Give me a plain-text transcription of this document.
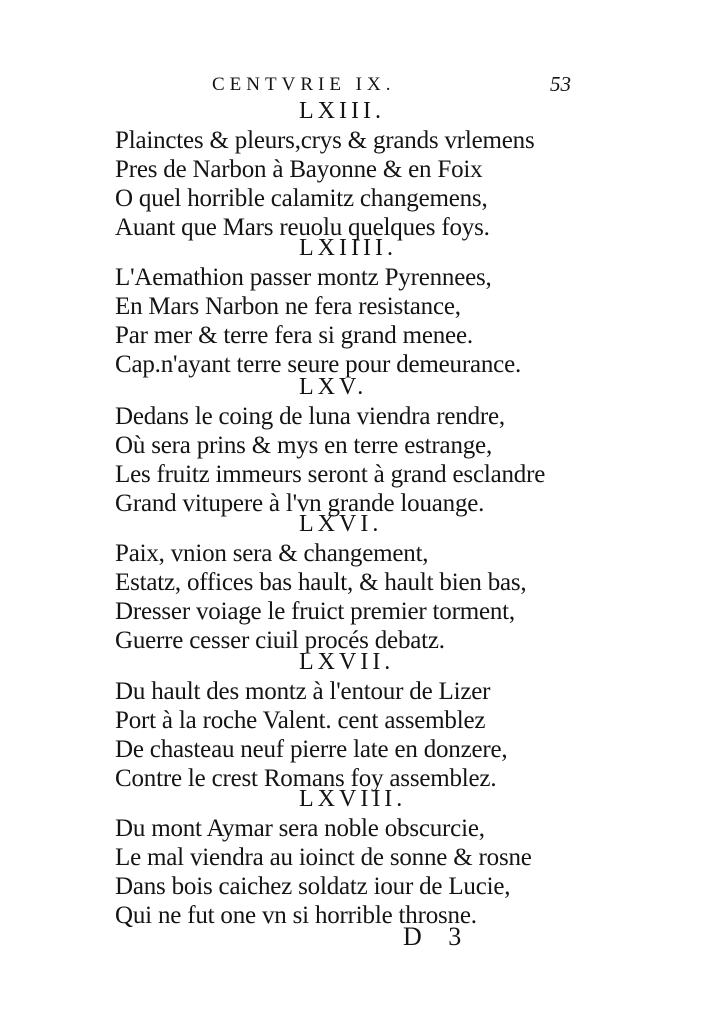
CENTVRIE IX.	53
LXIII.
Plainctes & pleurs,crys & grands vrlemens
Pres de Narbon à Bayonne & en Foix
O quel horrible calamitz changemens,
Auant que Mars reuolu quelques foys.
LXIIII.
L'Aemathion passer montz Pyrennees,
En Mars Narbon ne fera resistance,
Par mer & terre fera si grand menee.
Cap.n'ayant terre seure pour demeurance.
LXV.
Dedans le coing de luna viendra rendre,
Où sera prins & mys en terre estrange,
Les fruitz immeurs seront à grand esclandre
Grand vitupere à l'vn grande louange.
LXVI.
Paix, vnion sera & changement,
Estatz, offices bas hault, & hault bien bas,
Dresser voiage le fruict premier torment,
Guerre cesser ciuil procés debatz.
LXVII.
Du hault des montz à l'entour de Lizer
Port à la roche Valent. cent assemblez
De chasteau neuf pierre late en donzere,
Contre le crest Romans foy assemblez.
LXVIII.
Du mont Aymar sera noble obscurcie,
Le mal viendra au ioinct de sonne & rosne
Dans bois caichez soldatz iour de Lucie,
Qui ne fut one vn si horrible throsne.
D 3
